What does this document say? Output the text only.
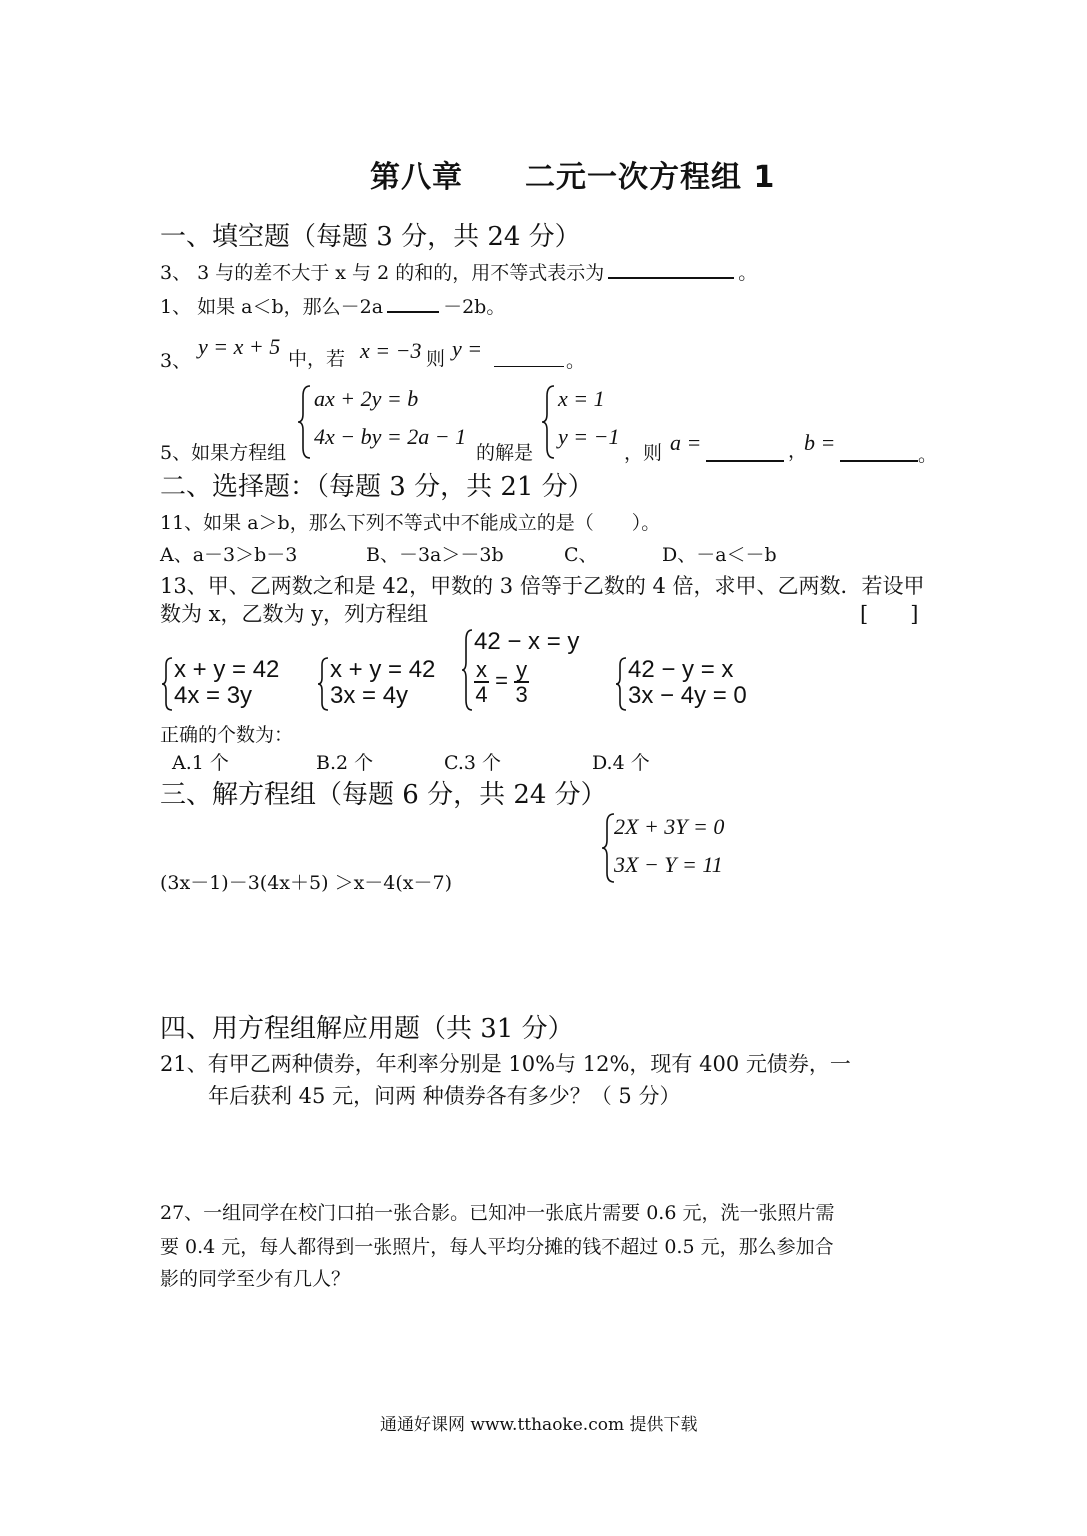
第八章　　二元一次方程组 1
一、填空题（每题 3 分，共 24 分）
3、 3 与的差不大于 x 与 2 的和的，用不等式表示为	。
1、 如果 a＜b，那么－2a	－2b。
3、
y = x + 5 中，若 x = −3 则 y =	。
5、如果方程组
ax + 2y = b
4x − by = 2a − 1
的解是
x = 1
y = −1
，则 a =	，
b =	。
二、选择题：（每题 3 分，共 21 分）
11、如果 a＞b，那么下列不等式中不能成立的是（　　）。
A、a－3＞b－3	B、－3a＞－3b	C、	D、－a＜－b
13、甲、乙两数之和是 42，甲数的 3 倍等于乙数的 4 倍，求甲、乙两数．若设甲
数为 x，乙数为 y，列方程组	[　　]
x + y = 42
4x = 3y
x + y = 42
3x = 4y
42 − x = y
$\frac{x}{4} = \frac{y}{3}$	42 − y = x
3x − 4y = 0
正确的个数为：
A.1 个	B.2 个	C.3 个	D.4 个
三、解方程组（每题 6 分，共 24 分）
(3x－1)－3(4x＋5) ＞x－4(x－7)
2X + 3Y = 0
3X − Y = 11
四、用方程组解应用题（共 31 分）
21、有甲乙两种债券，年利率分别是 10%与 12%，现有 400 元债券，一
年后获利 45 元，问两 种债券各有多少？（ 5 分）
27、一组同学在校门口拍一张合影。已知冲一张底片需要 0.6 元，洗一张照片需
要 0.4 元，每人都得到一张照片，每人平均分摊的钱不超过 0.5 元，那么参加合
影的同学至少有几人？
通通好课网 www.tthaoke.com 提供下载
